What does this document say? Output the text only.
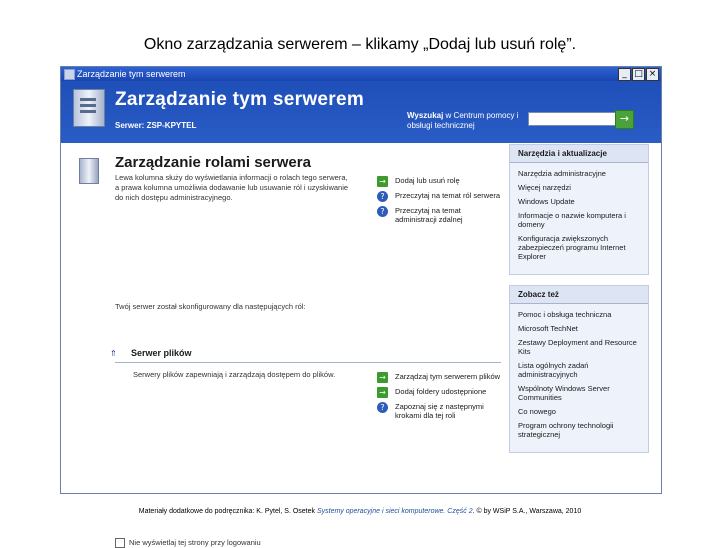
Okno zarządzania serwerem – klikamy „Dodaj lub usuń rolę”.
Zarządzanie tym serwerem	_ □ ×
Zarządzanie tym serwerem
Serwer: ZSP-KPYTEL
Wyszukaj w Centrum pomocy i obsługi technicznej
→
Zarządzanie rolami serwera
Lewa kolumna służy do wyświetlania informacji o rolach tego serwera, a prawa kolumna umożliwia dodawanie lub usuwanie ról i uzyskiwanie do nich dostępu administracyjnego.
→ Dodaj lub usuń rolę
?	Przeczytaj na temat ról serwera
?	Przeczytaj na temat administracji zdalnej
Twój serwer został skonfigurowany dla następujących ról:
⇑ Serwer plików
Serwery plików zapewniają i zarządzają dostępem do plików.	→ Zarządzaj tym serwerem plików
→ Dodaj foldery udostępnione
?	Zapoznaj się z następnymi krokami dla tej roli
Nie wyświetlaj tej strony przy logowaniu
Narzędzia i aktualizacje
Narzędzia administracyjne
Więcej narzędzi
Windows Update
Informacje o nazwie komputera i domeny
Konfiguracja zwiększonych zabezpieczeń programu Internet Explorer
Zobacz też
Pomoc i obsługa techniczna
Microsoft TechNet
Zestawy Deployment and Resource Kits
Lista ogólnych zadań administracyjnych
Wspólnoty Windows Server Communities
Co nowego
Program ochrony technologii strategicznej
Materiały dodatkowe do podręcznika: K. Pytel, S. Osetek Systemy operacyjne i sieci komputerowe. Część 2. © by WSiP S.A., Warszawa, 2010
